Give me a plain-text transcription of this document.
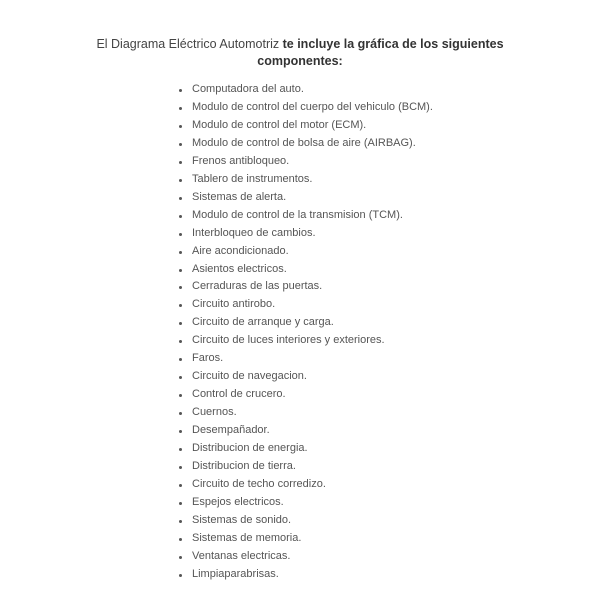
El Diagrama Eléctrico Automotriz te incluye la gráfica de los siguientes
componentes:
Computadora del auto.
Modulo de control del cuerpo del vehiculo (BCM).
Modulo de control del motor (ECM).
Modulo de control de bolsa de aire (AIRBAG).
Frenos antibloqueo.
Tablero de instrumentos.
Sistemas de alerta.
Modulo de control de la transmision (TCM).
Interbloqueo de cambios.
Aire acondicionado.
Asientos electricos.
Cerraduras de las puertas.
Circuito antirobo.
Circuito de arranque y carga.
Circuito de luces interiores y exteriores.
Faros.
Circuito de navegacion.
Control de crucero.
Cuernos.
Desempañador.
Distribucion de energia.
Distribucion de tierra.
Circuito de techo corredizo.
Espejos electricos.
Sistemas de sonido.
Sistemas de memoria.
Ventanas electricas.
Limpiaparabrisas.
